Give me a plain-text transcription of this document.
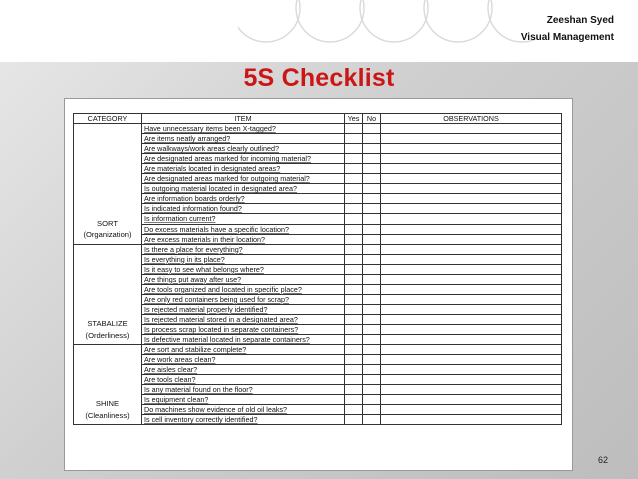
Zeeshan Syed
Visual Management
5S Checklist
CATEGORY	ITEM	Yes	No	OBSERVATIONS

SORT
(Organization)	Have unnecessary items been X-tagged?			
	Are items neatly arranged?			
	Are walkways/work areas clearly outlined?			
	Are designated areas marked for incoming material?			
	Are materials located in designated areas?			
	Are designated areas marked for outgoing material?			
	Is outgoing material located in designated area?			
	Are information boards orderly?			
	Is indicated information found?			
	Is information current?			
	Do excess materials have a specific location?			
	Are excess materials in their location?			

STABALIZE
(Orderliness)	Is there a place for everything?			
	Is everything in its place?			
	Is it easy to see what belongs where?			
	Are things put away after use?			
	Are tools organized and located in specific place?			
	Are only red containers being used for scrap?			
	Is rejected material properly identified?			
	Is rejected material stored in a designated area?			
	Is process scrap located in separate containers?			
	Is defective material located in separate containers?			

SHINE
(Cleanliness)	Are sort and stabilize complete?			
	Are work areas clean?			
	Are aisles clear?			
	Are tools clean?			
	Is any material found on the floor?			
	Is equipment clean?			
	Do machines show evidence of old oil leaks?			
	Is cell inventory correctly identified?			
62
